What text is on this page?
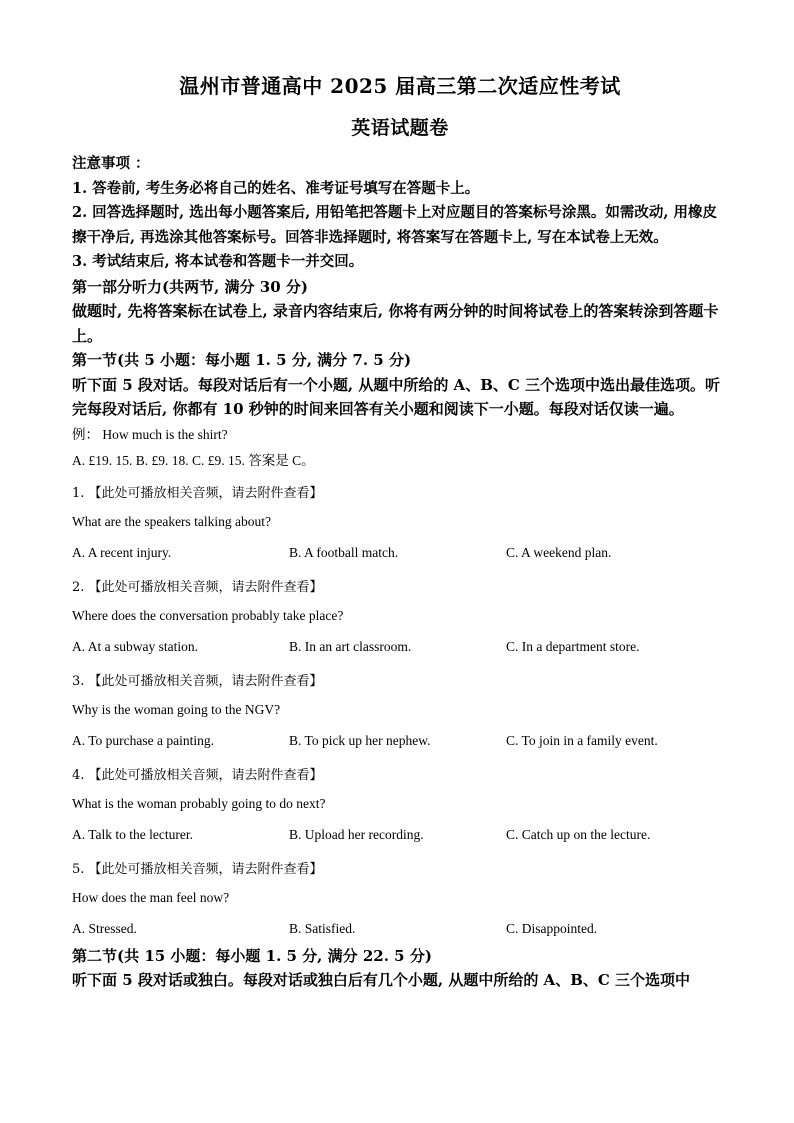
温州市普通高中 2025 届高三第二次适应性考试
英语试题卷

注意事项 ：

1. 答卷前, 考生务必将自己的姓名、准考证号填写在答题卡上。

2. 回答选择题时, 选出每小题答案后, 用铅笔把答题卡上对应题目的答案标号涂黑。如需改动, 用橡皮擦干净后, 再选涂其他答案标号。回答非选择题时, 将答案写在答题卡上, 写在本试卷上无效。

3. 考试结束后, 将本试卷和答题卡一并交回。

第一部分听力(共两节, 满分 30 分)

做题时, 先将答案标在试卷上, 录音内容结束后, 你将有两分钟的时间将试卷上的答案转涂到答题卡上。

第一节(共 5 小题：每小题 1. 5 分, 满分 7. 5 分)

听下面 5 段对话。每段对话后有一个小题, 从题中所给的 A、B、C 三个选项中选出最佳选项。听完每段对话后, 你都有 10 秒钟的时间来回答有关小题和阅读下一小题。每段对话仅读一遍。

例： How much is the shirt?
A. £19. 15. B. £9. 18. C. £9. 15. 答案是 C。
1. 【此处可播放相关音频，请去附件查看】
What are the speakers talking about?
A. A recent injury.	B. A football match.	C. A weekend plan.
2. 【此处可播放相关音频，请去附件查看】
Where does the conversation probably take place?
A. At a subway station.	B. In an art classroom.	C. In a department store.
3. 【此处可播放相关音频，请去附件查看】
Why is the woman going to the NGV?
A. To purchase a painting.	B. To pick up her nephew.	C. To join in a family event.
4. 【此处可播放相关音频，请去附件查看】
What is the woman probably going to do next?
A. Talk to the lecturer.	B. Upload her recording.	C. Catch up on the lecture.
5. 【此处可播放相关音频，请去附件查看】
How does the man feel now?
A. Stressed.	B. Satisfied.	C. Disappointed.

第二节(共 15 小题：每小题 1. 5 分, 满分 22. 5 分)

听下面 5 段对话或独白。每段对话或独白后有几个小题, 从题中所给的 A、B、C 三个选项中
